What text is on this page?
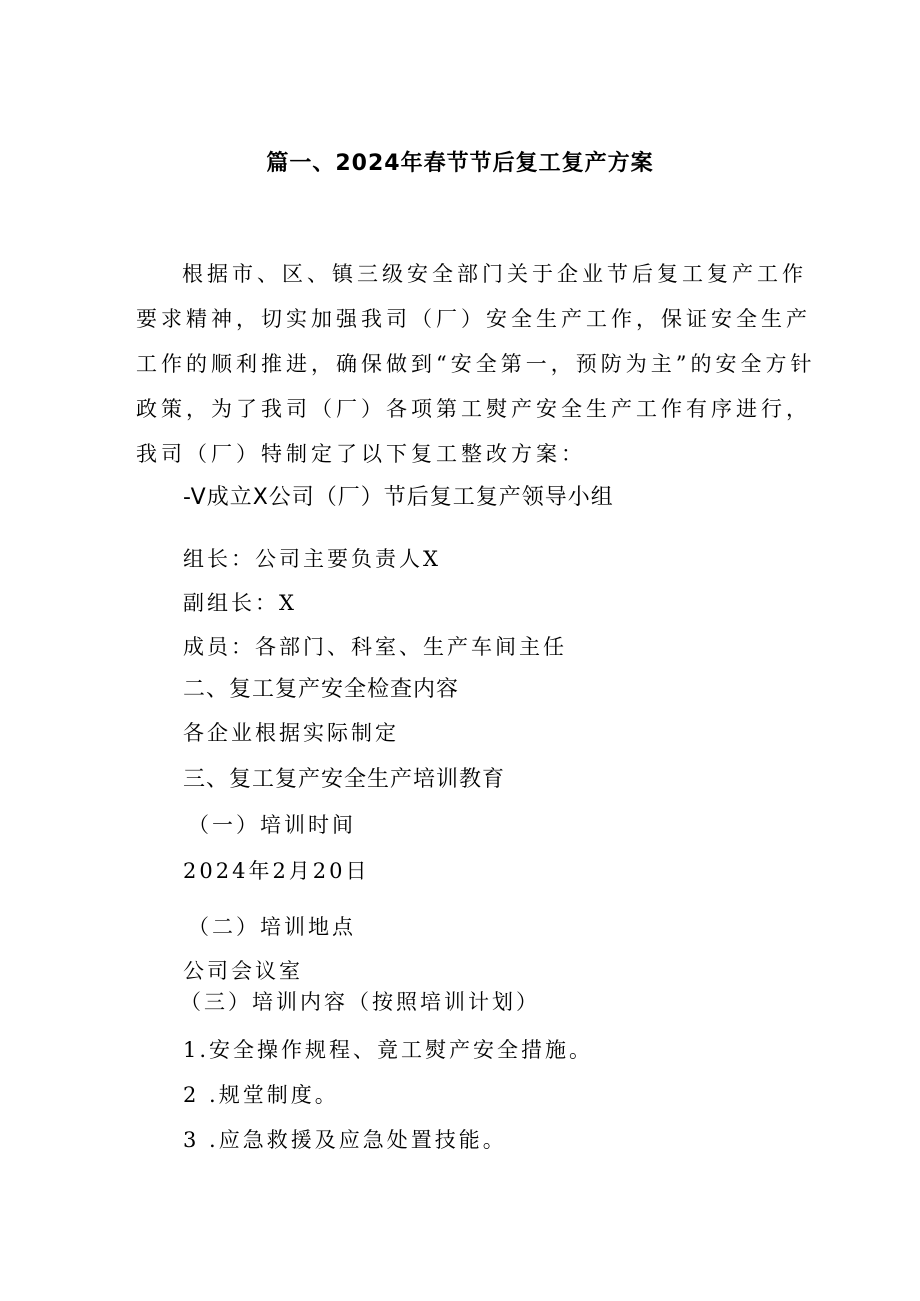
篇一、2024年春节节后复工复产方案

根据市、区、镇三级安全部门关于企业节后复工复产工作要求精神，切实加强我司（厂）安全生产工作，保证安全生产工作的顺利推进，确保做到“安全第一，预防为主”的安全方针政策，为了我司（厂）各项第工熨产安全生产工作有序进行，我司（厂）特制定了以下复工整改方案：

-V成立X公司（厂）节后复工复产领导小组
组长：公司主要负责人X
副组长：X
成员：各部门、科室、生产车间主任
二、复工复产安全检查内容
各企业根据实际制定
三、复工复产安全生产培训教育
（一）培训时间
2024年2月20日
（二）培训地点
公司会议室
（三）培训内容（按照培训计划）
1.安全操作规程、竟工熨产安全措施。
2 .规堂制度。
3 .应急救援及应急处置技能。
